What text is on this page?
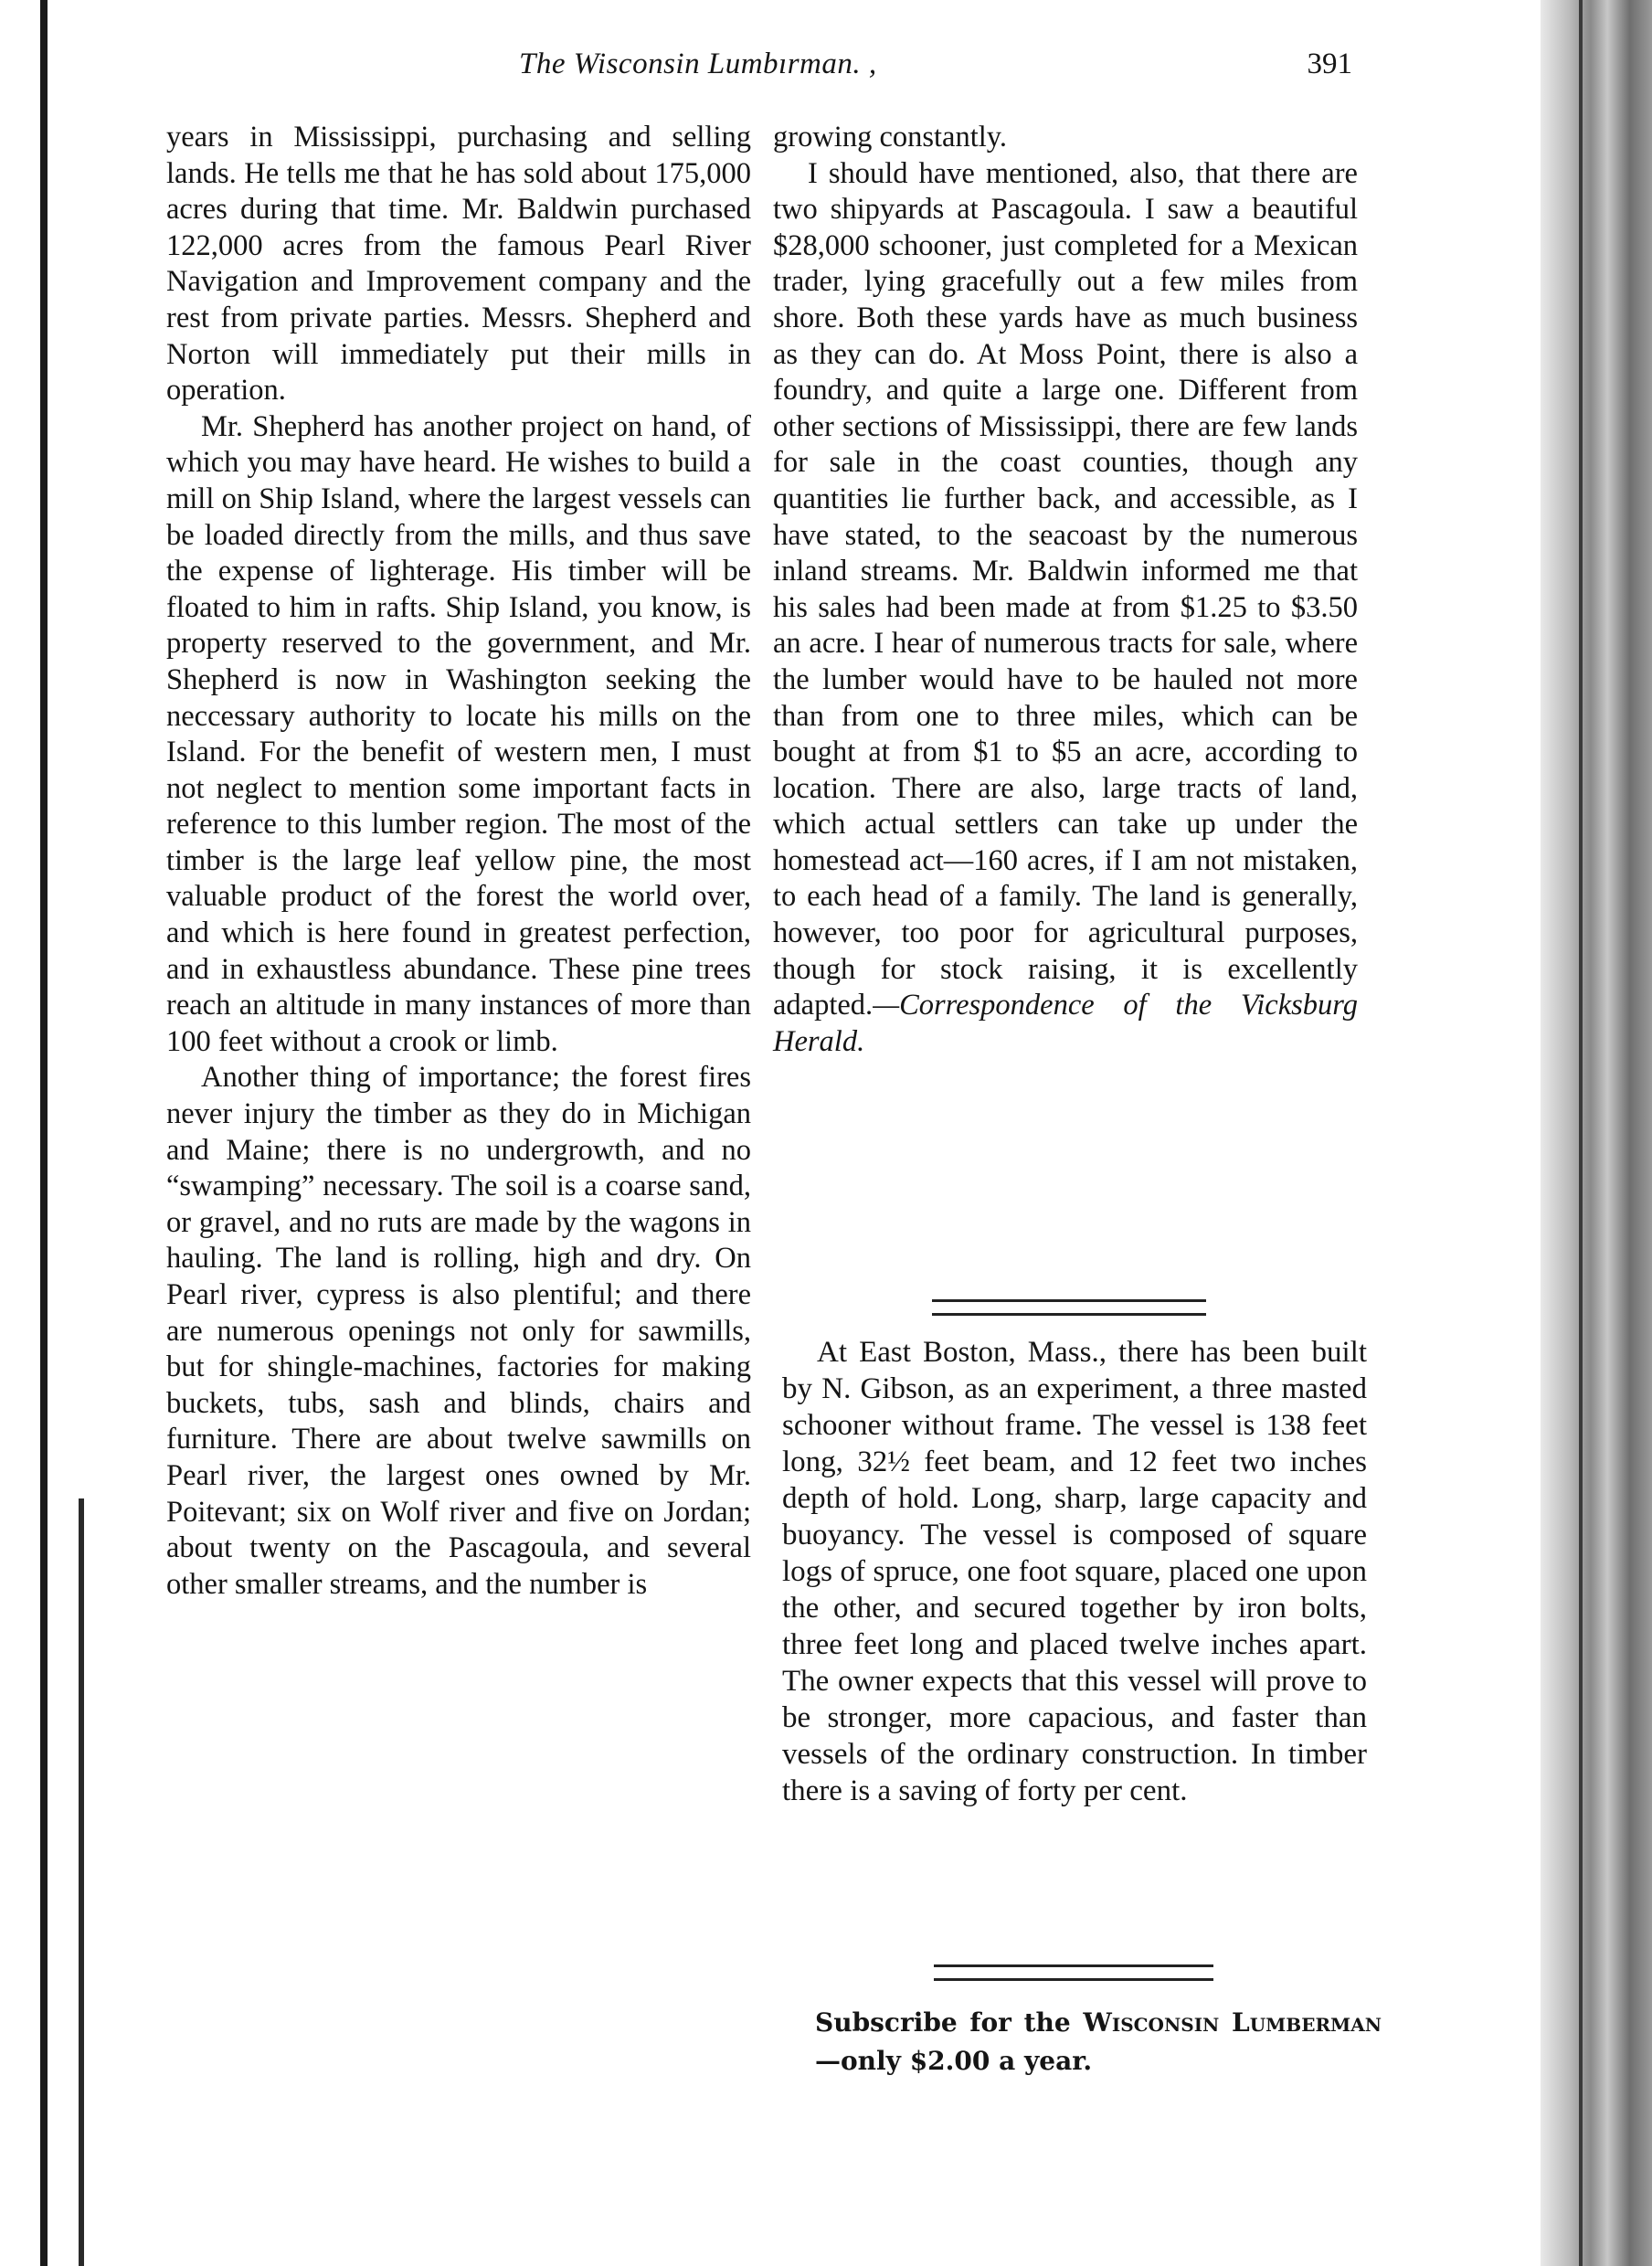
The Wisconsin Lumbırman. ,	391

years in Mississippi, purchasing and selling lands. He tells me that he has sold about 175,000 acres during that time. Mr. Baldwin purchased 122,000 acres from the famous Pearl River Navigation and Improvement company and the rest from private parties. Messrs. Shepherd and Norton will immediately put their mills in operation.

Mr. Shepherd has another project on hand, of which you may have heard. He wishes to build a mill on Ship Island, where the largest vessels can be loaded directly from the mills, and thus save the expense of lighterage. His timber will be floated to him in rafts. Ship Island, you know, is property reserved to the government, and Mr. Shepherd is now in Washington seeking the neccessary authority to locate his mills on the Island. For the benefit of western men, I must not neglect to mention some important facts in reference to this lumber region. The most of the timber is the large leaf yellow pine, the most valuable product of the forest the world over, and which is here found in greatest perfection, and in exhaustless abundance. These pine trees reach an altitude in many instances of more than 100 feet without a crook or limb.

Another thing of importance; the forest fires never injury the timber as they do in Michigan and Maine; there is no undergrowth, and no “swamping” necessary. The soil is a coarse sand, or gravel, and no ruts are made by the wagons in hauling. The land is rolling, high and dry. On Pearl river, cypress is also plentiful; and there are numerous openings not only for sawmills, but for shingle-machines, factories for making buckets, tubs, sash and blinds, chairs and furniture. There are about twelve sawmills on Pearl river, the largest ones owned by Mr. Poitevant; six on Wolf river and five on Jordan; about twenty on the Pascagoula, and several other smaller streams, and the number is

growing constantly.

I should have mentioned, also, that there are two shipyards at Pascagoula. I saw a beautiful $28,000 schooner, just completed for a Mexican trader, lying gracefully out a few miles from shore. Both these yards have as much business as they can do. At Moss Point, there is also a foundry, and quite a large one. Different from other sections of Mississippi, there are few lands for sale in the coast counties, though any quantities lie further back, and accessible, as I have stated, to the seacoast by the numerous inland streams. Mr. Baldwin informed me that his sales had been made at from $1.25 to $3.50 an acre. I hear of numerous tracts for sale, where the lumber would have to be hauled not more than from one to three miles, which can be bought at from $1 to $5 an acre, according to location. There are also, large tracts of land, which actual settlers can take up under the homestead act—160 acres, if I am not mistaken, to each head of a family. The land is generally, however, too poor for agricultural purposes, though for stock raising, it is excellently adapted.—Correspondence of the Vicksburg Herald.

At East Boston, Mass., there has been built by N. Gibson, as an experiment, a three masted schooner without frame. The vessel is 138 feet long, 32½ feet beam, and 12 feet two inches depth of hold. Long, sharp, large capacity and buoyancy. The vessel is composed of square logs of spruce, one foot square, placed one upon the other, and secured together by iron bolts, three feet long and placed twelve inches apart. The owner expects that this vessel will prove to be stronger, more capacious, and faster than vessels of the ordinary construction. In timber there is a saving of forty per cent.

Subscribe for the Wisconsin Lumberman—only $2.00 a year.
